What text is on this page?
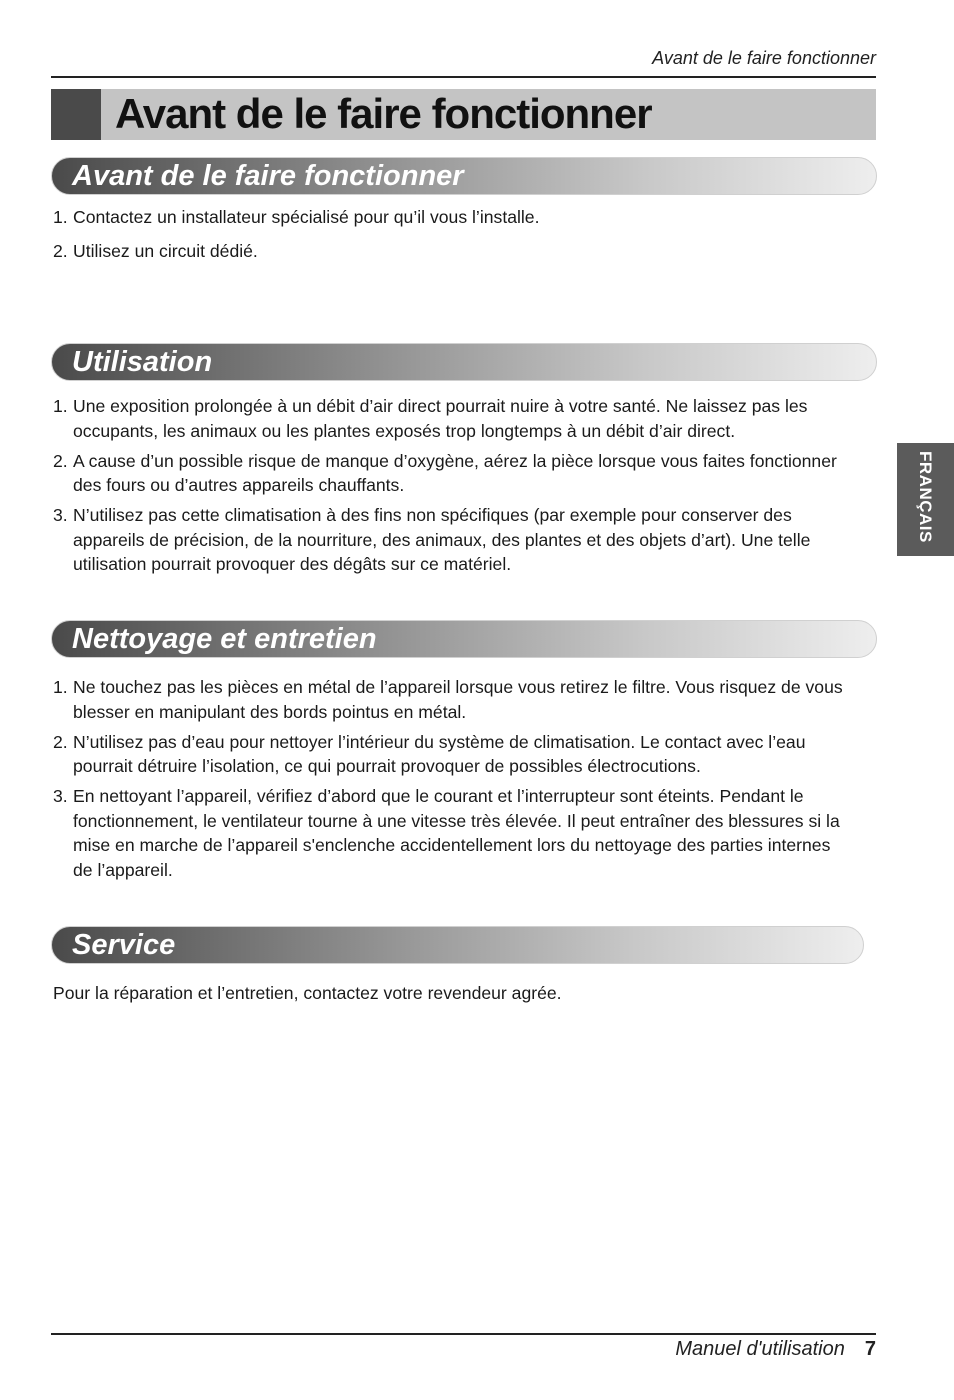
Avant de le faire fonctionner
Avant de le faire fonctionner
Avant de le faire fonctionner
1. Contactez un installateur spécialisé pour qu’il vous l’installe.
2. Utilisez un circuit dédié.
Utilisation
1. Une exposition prolongée à un débit d’air direct pourrait nuire à votre santé. Ne laissez pas les occupants, les animaux ou les plantes exposés trop longtemps à un débit d’air direct.
2. A cause d’un possible risque de manque d’oxygène, aérez la pièce lorsque vous faites fonctionner des fours ou d’autres appareils chauffants.
3. N’utilisez pas cette climatisation à des fins non spécifiques (par exemple pour conserver des appareils de précision, de la nourriture, des animaux, des plantes et des objets d’art). Une telle utilisation pourrait provoquer des dégâts sur ce matériel.
Nettoyage et entretien
1. Ne touchez pas les pièces en métal de l’appareil lorsque vous retirez le filtre. Vous risquez de vous blesser en manipulant des bords pointus en métal.
2. N’utilisez pas d’eau pour nettoyer l’intérieur du système de climatisation. Le contact avec l’eau pourrait détruire l’isolation, ce qui pourrait provoquer de possibles électrocutions.
3. En nettoyant l’appareil, vérifiez d’abord que le courant et l’interrupteur sont éteints. Pendant le fonctionnement, le ventilateur tourne à une vitesse très élevée. Il peut entraîner des blessures si la mise en marche de l’appareil s'enclenche accidentellement lors du nettoyage des parties internes de l’appareil.
Service

Pour la réparation et l’entretien, contactez votre revendeur agrée.

FRANÇAIS
Manuel d'utilisation 7
